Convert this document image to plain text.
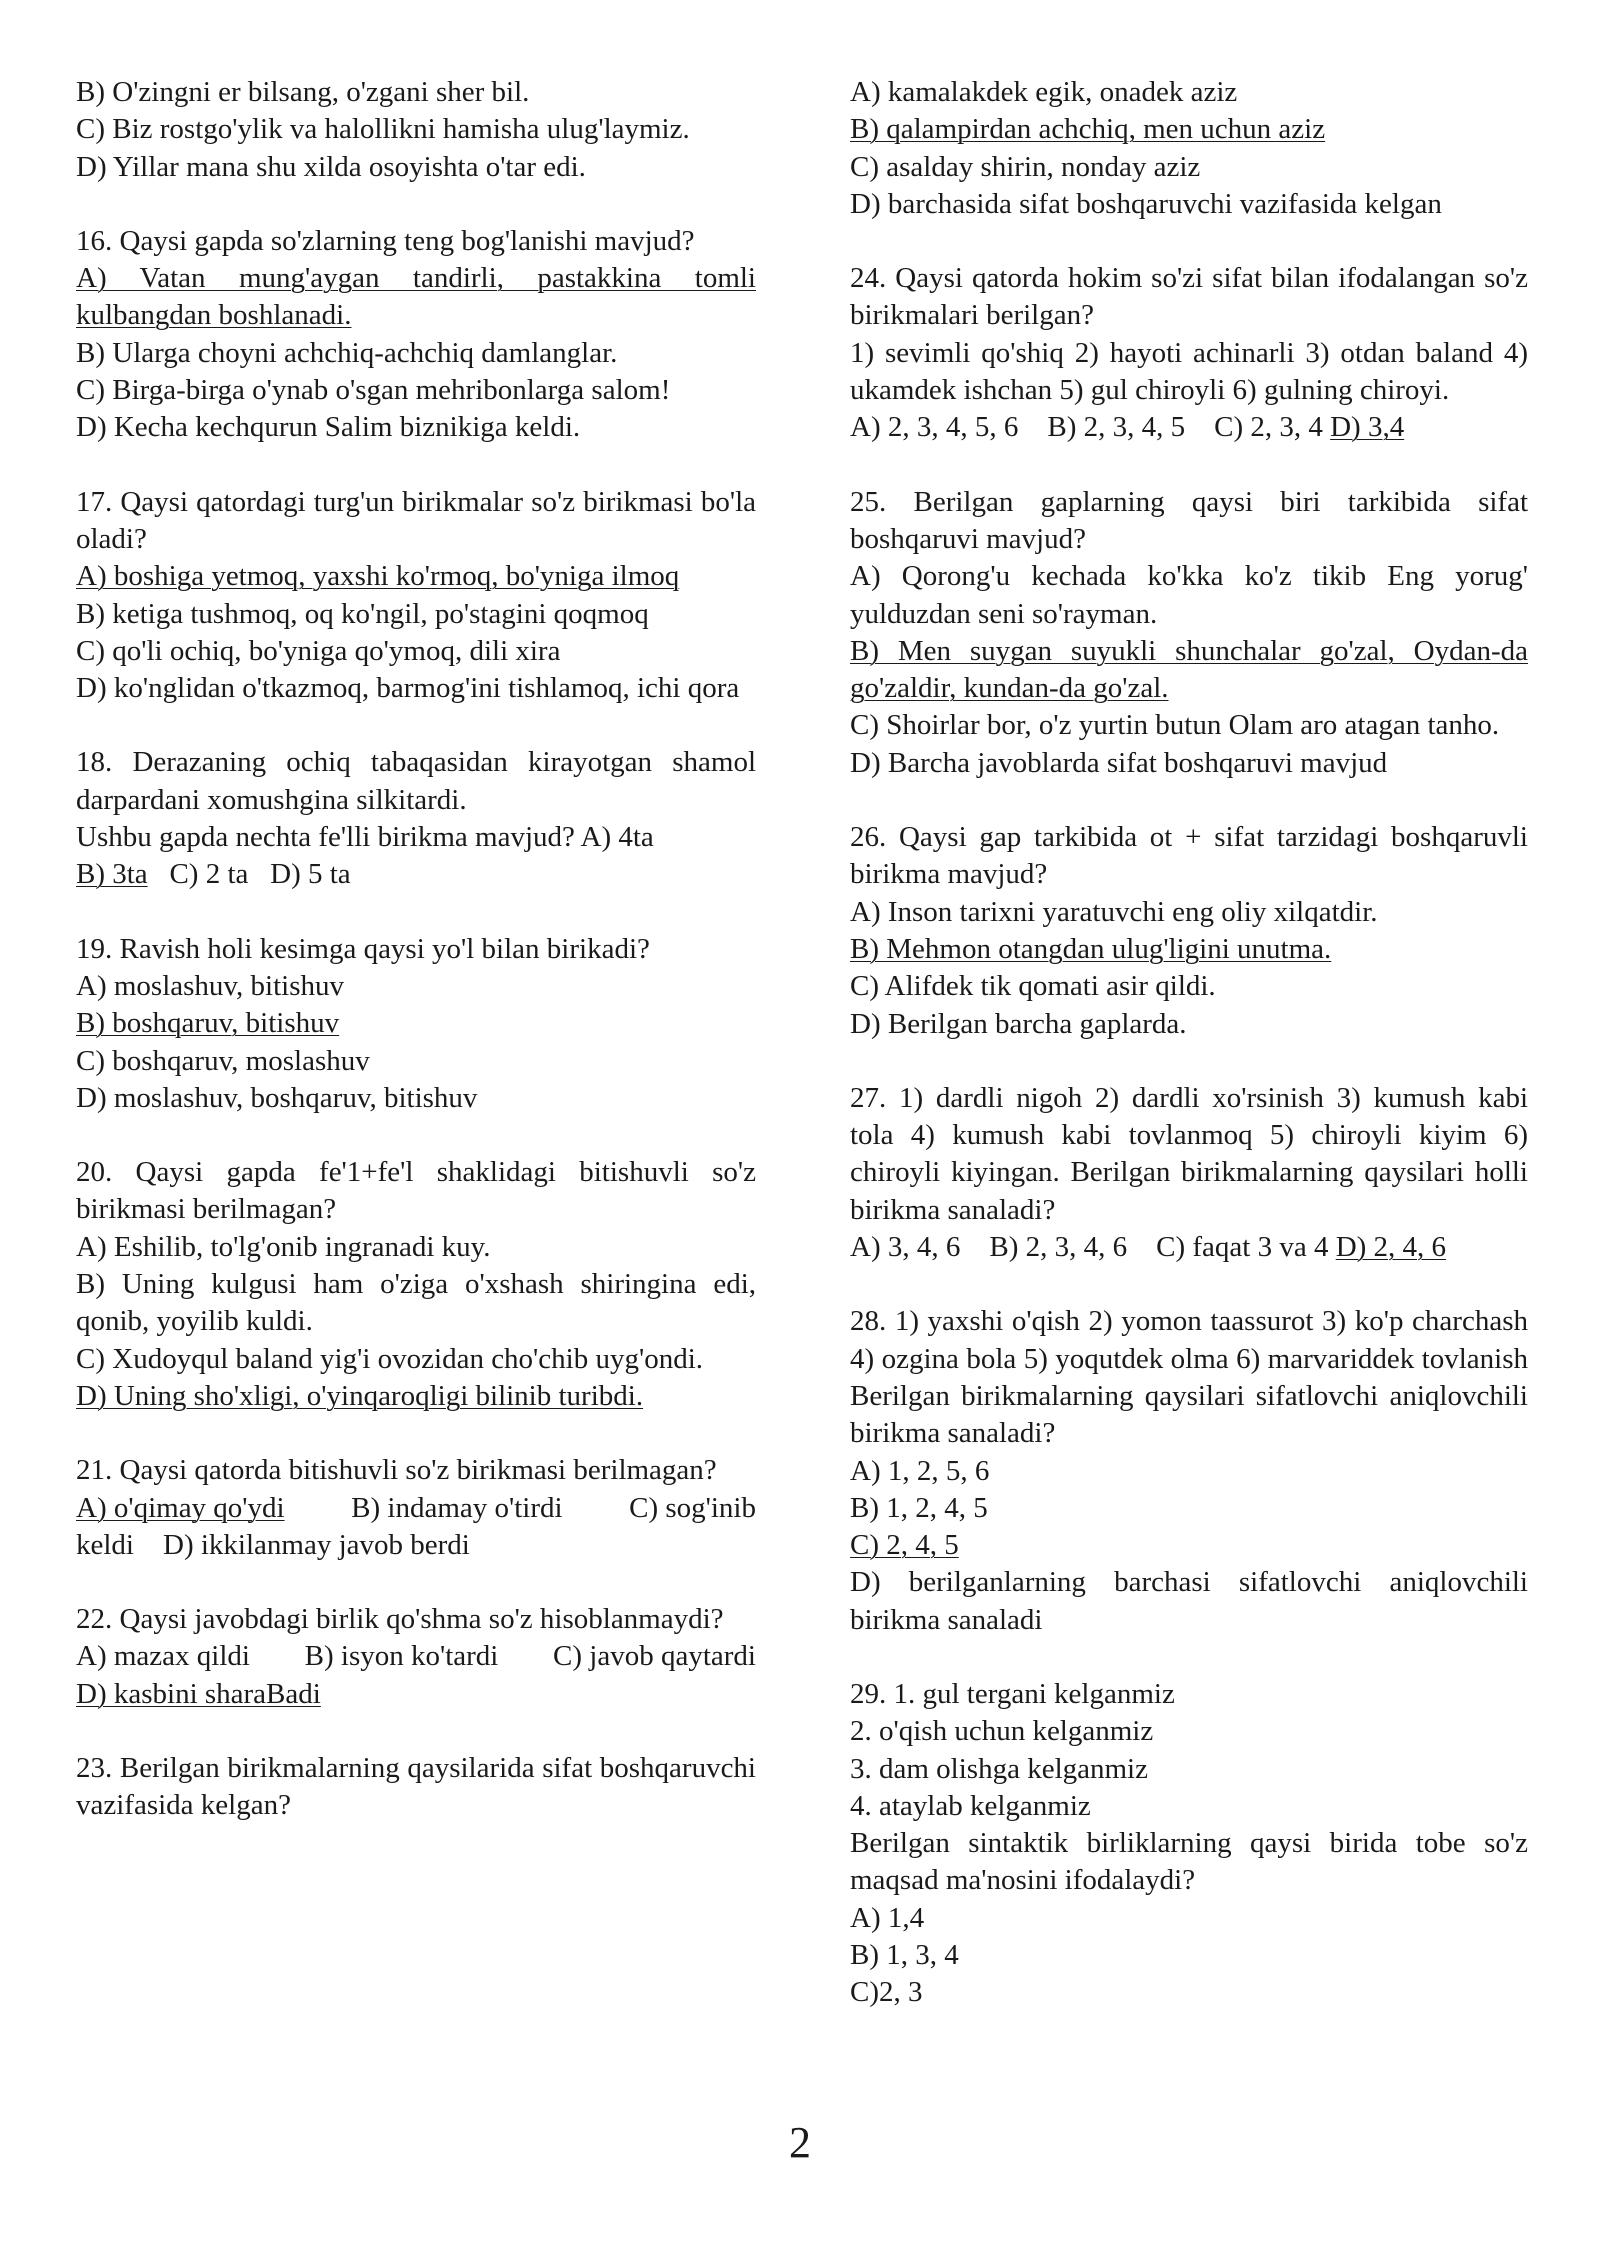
B) O'zingni er bilsang, o'zgani sher bil.

C) Biz rostgo'ylik va halollikni hamisha ulug'laymiz.

D) Yillar mana shu xilda osoyishta o'tar edi.

16. Qaysi gapda so'zlarning teng bog'lanishi mavjud?

A) Vatan mung'aygan tandirli, pastakkina tomli kulbangdan boshlanadi.

B) Ularga choyni achchiq-achchiq damlanglar.

C) Birga-birga o'ynab o'sgan mehribonlarga salom!

D) Kecha kechqurun Salim biznikiga keldi.

17. Qaysi qatordagi turg'un birikmalar so'z birikmasi bo'la oladi?

A) boshiga yetmoq, yaxshi ko'rmoq, bo'yniga ilmoq

B) ketiga tushmoq, oq ko'ngil, po'stagini qoqmoq

C) qo'li ochiq, bo'yniga qo'ymoq, dili xira

D) ko'nglidan o'tkazmoq, barmog'ini tishlamoq, ichi qora

18. Derazaning ochiq tabaqasidan kirayotgan shamol darpardani xomushgina silkitardi.

Ushbu gapda nechta fe'lli birikma mavjud? A) 4ta

B) 3ta C) 2 ta D) 5 ta

19. Ravish holi kesimga qaysi yo'l bilan birikadi?

A) moslashuv, bitishuv

B) boshqaruv, bitishuv

C) boshqaruv, moslashuv

D) moslashuv, boshqaruv, bitishuv

20. Qaysi gapda fe'1+fe'l shaklidagi bitishuvli so'z birikmasi berilmagan?

A) Eshilib, to'lg'onib ingranadi kuy.

B) Uning kulgusi ham o'ziga o'xshash shiringina edi, qonib, yoyilib kuldi.

C) Xudoyqul baland yig'i ovozidan cho'chib uyg'ondi.

D) Uning sho'xligi, o'yinqaroqligi bilinib turibdi.

21. Qaysi qatorda bitishuvli so'z birikmasi berilmagan?

A) o'qimay qo'ydi B) indamay o'tirdi C) sog'inib

keldi D) ikkilanmay javob berdi

22. Qaysi javobdagi birlik qo'shma so'z hisoblanmaydi?

A) mazax qildi B) isyon ko'tardi C) javob qaytardi

D) kasbini sharaBadi

23. Berilgan birikmalarning qaysilarida sifat boshqaruvchi vazifasida kelgan?

A) kamalakdek egik, onadek aziz

B) qalampirdan achchiq, men uchun aziz

C) asalday shirin, nonday aziz

D) barchasida sifat boshqaruvchi vazifasida kelgan

24. Qaysi qatorda hokim so'zi sifat bilan ifodalangan so'z birikmalari berilgan?

1) sevimli qo'shiq 2) hayoti achinarli 3) otdan baland 4) ukamdek ishchan 5) gul chiroyli 6) gulning chiroyi.

A) 2, 3, 4, 5, 6 B) 2, 3, 4, 5 C) 2, 3, 4 D) 3,4

25. Berilgan gaplarning qaysi biri tarkibida sifat boshqaruvi mavjud?

A) Qorong'u kechada ko'kka ko'z tikib Eng yorug' yulduzdan seni so'rayman.

B) Men suygan suyukli shunchalar go'zal, Oydan-da go'zaldir, kundan-da go'zal.

C) Shoirlar bor, o'z yurtin butun Olam aro atagan tanho.

D) Barcha javoblarda sifat boshqaruvi mavjud

26. Qaysi gap tarkibida ot + sifat tarzidagi boshqaruvli birikma mavjud?

A) Inson tarixni yaratuvchi eng oliy xilqatdir.

B) Mehmon otangdan ulug'ligini unutma.

C) Alifdek tik qomati asir qildi.

D) Berilgan barcha gaplarda.

27. 1) dardli nigoh 2) dardli xo'rsinish 3) kumush kabi tola 4) kumush kabi tovlanmoq 5) chiroyli kiyim 6) chiroyli kiyingan. Berilgan birikmalarning qaysilari holli birikma sanaladi?

A) 3, 4, 6 B) 2, 3, 4, 6 C) faqat 3 va 4 D) 2, 4, 6

28. 1) yaxshi o'qish 2) yomon taassurot 3) ko'p charchash 4) ozgina bola 5) yoqutdek olma 6) marvariddek tovlanish Berilgan birikmalarning qaysilari sifatlovchi aniqlovchili birikma sanaladi?

A) 1, 2, 5, 6

B) 1, 2, 4, 5

C) 2, 4, 5

D) berilganlarning barchasi sifatlovchi aniqlovchili birikma sanaladi

29. 1. gul tergani kelganmiz

2. o'qish uchun kelganmiz

3. dam olishga kelganmiz

4. ataylab kelganmiz

Berilgan sintaktik birliklarning qaysi birida tobe so'z maqsad ma'nosini ifodalaydi?

A) 1,4

B) 1, 3, 4

C)2, 3

2
